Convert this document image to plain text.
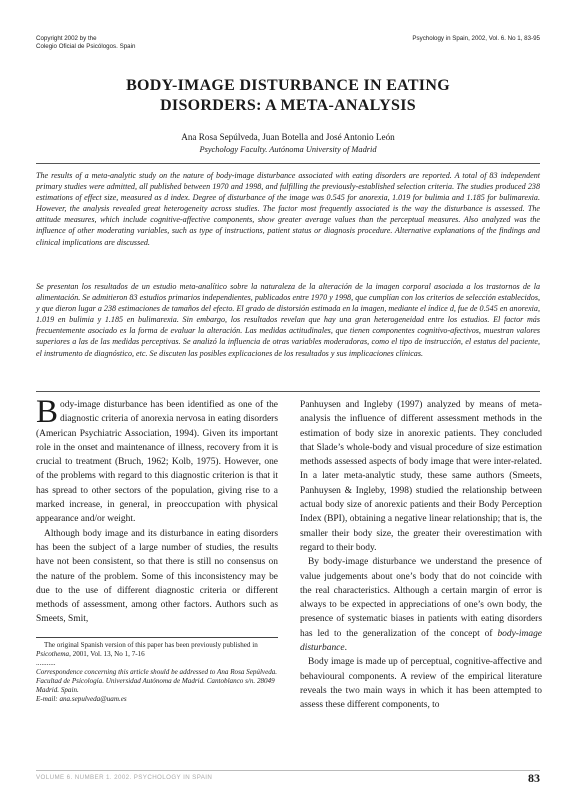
Copyright 2002 by the
Colegio Oficial de Psicólogos. Spain
Psychology in Spain, 2002, Vol. 6. No 1, 83-95
BODY-IMAGE DISTURBANCE IN EATING
DISORDERS: A META-ANALYSIS
Ana Rosa Sepúlveda, Juan Botella and José Antonio León
Psychology Faculty. Autónoma University of Madrid

The results of a meta-analytic study on the nature of body-image disturbance associated with eating disorders are reported. A total of 83 independent primary studies were admitted, all published between 1970 and 1998, and fulfilling the previously-established selection criteria. The studies produced 238 estimations of effect size, measured as d index. Degree of disturbance of the image was 0.545 for anorexia, 1.019 for bulimia and 1.185 for bulimarexia. However, the analysis revealed great heterogeneity across studies. The factor most frequently associated is the way the disturbance is assessed. The attitude measures, which include cognitive-affective components, show greater average values than the perceptual measures. Also analyzed was the influence of other moderating variables, such as type of instructions, patient status or diagnosis procedure. Alternative explanations of the findings and clinical implications are discussed.

Se presentan los resultados de un estudio meta-analítico sobre la naturaleza de la alteración de la imagen corporal asociada a los trastornos de la alimentación. Se admitieron 83 estudios primarios independientes, publicados entre 1970 y 1998, que cumplían con los criterios de selección establecidos, y que dieron lugar a 238 estimaciones de tamaños del efecto. El grado de distorsión estimada en la imagen, mediante el índice d, fue de 0.545 en anorexia, 1.019 en bulimia y 1.185 en bulimarexia. Sin embargo, los resultados revelan que hay una gran heterogeneidad entre los estudios. El factor más frecuentemente asociado es la forma de evaluar la alteración. Las medidas actitudinales, que tienen componentes cognitivo-afectivos, muestran valores superiores a las de las medidas perceptivas. Se analizó la influencia de otras variables moderadoras, como el tipo de instrucción, el estatus del paciente, el instrumento de diagnóstico, etc. Se discuten las posibles explicaciones de los resultados y sus implicaciones clínicas.

Body-image disturbance has been identified as one of the diagnostic criteria of anorexia nervosa in eating disorders (American Psychiatric Association, 1994). Given its important role in the onset and maintenance of illness, recovery from it is crucial to treatment (Bruch, 1962; Kolb, 1975). However, one of the problems with regard to this diagnostic criterion is that it has spread to other sectors of the population, giving rise to a marked increase, in general, in preoccupation with physical appearance and/or weight.

Although body image and its disturbance in eating disorders has been the subject of a large number of studies, the results have not been consistent, so that there is still no consensus on the nature of the problem. Some of this inconsistency may be due to the use of different diagnostic criteria or different methods of assessment, among other factors. Authors such as Smeets, Smit,

Panhuysen and Ingleby (1997) analyzed by means of meta-analysis the influence of different assessment methods in the estimation of body size in anorexic patients. They concluded that Slade’s whole-body and visual procedure of size estimation methods assessed aspects of body image that were inter-related. In a later meta-analytic study, these same authors (Smeets, Panhuysen & Ingleby, 1998) studied the relationship between actual body size of anorexic patients and their Body Perception Index (BPI), obtaining a negative linear relationship; that is, the smaller their body size, the greater their overestimation with regard to their body.

By body-image disturbance we understand the presence of value judgements about one’s body that do not coincide with the real characteristics. Although a certain margin of error is always to be expected in appreciations of one’s own body, the presence of systematic biases in patients with eating disorders has led to the generalization of the concept of body-image disturbance.

Body image is made up of perceptual, cognitive-affective and behavioural components. A review of the empirical literature reveals the two main ways in which it has been attempted to assess these different components, to

The original Spanish version of this paper has been previously published in Psicothema, 2001, Vol. 13, No 1, 7-16

...........

Correspondence concerning this article should be addressed to Ana Rosa Sepúlveda. Facultad de Psicología. Universidad Autónoma de Madrid. Cantoblanco s/n. 28049 Madrid. Spain.

E-mail: ana.sepulveda@uam.es

VOLUME 6. NUMBER 1. 2002. PSYCHOLOGY IN SPAIN	83
